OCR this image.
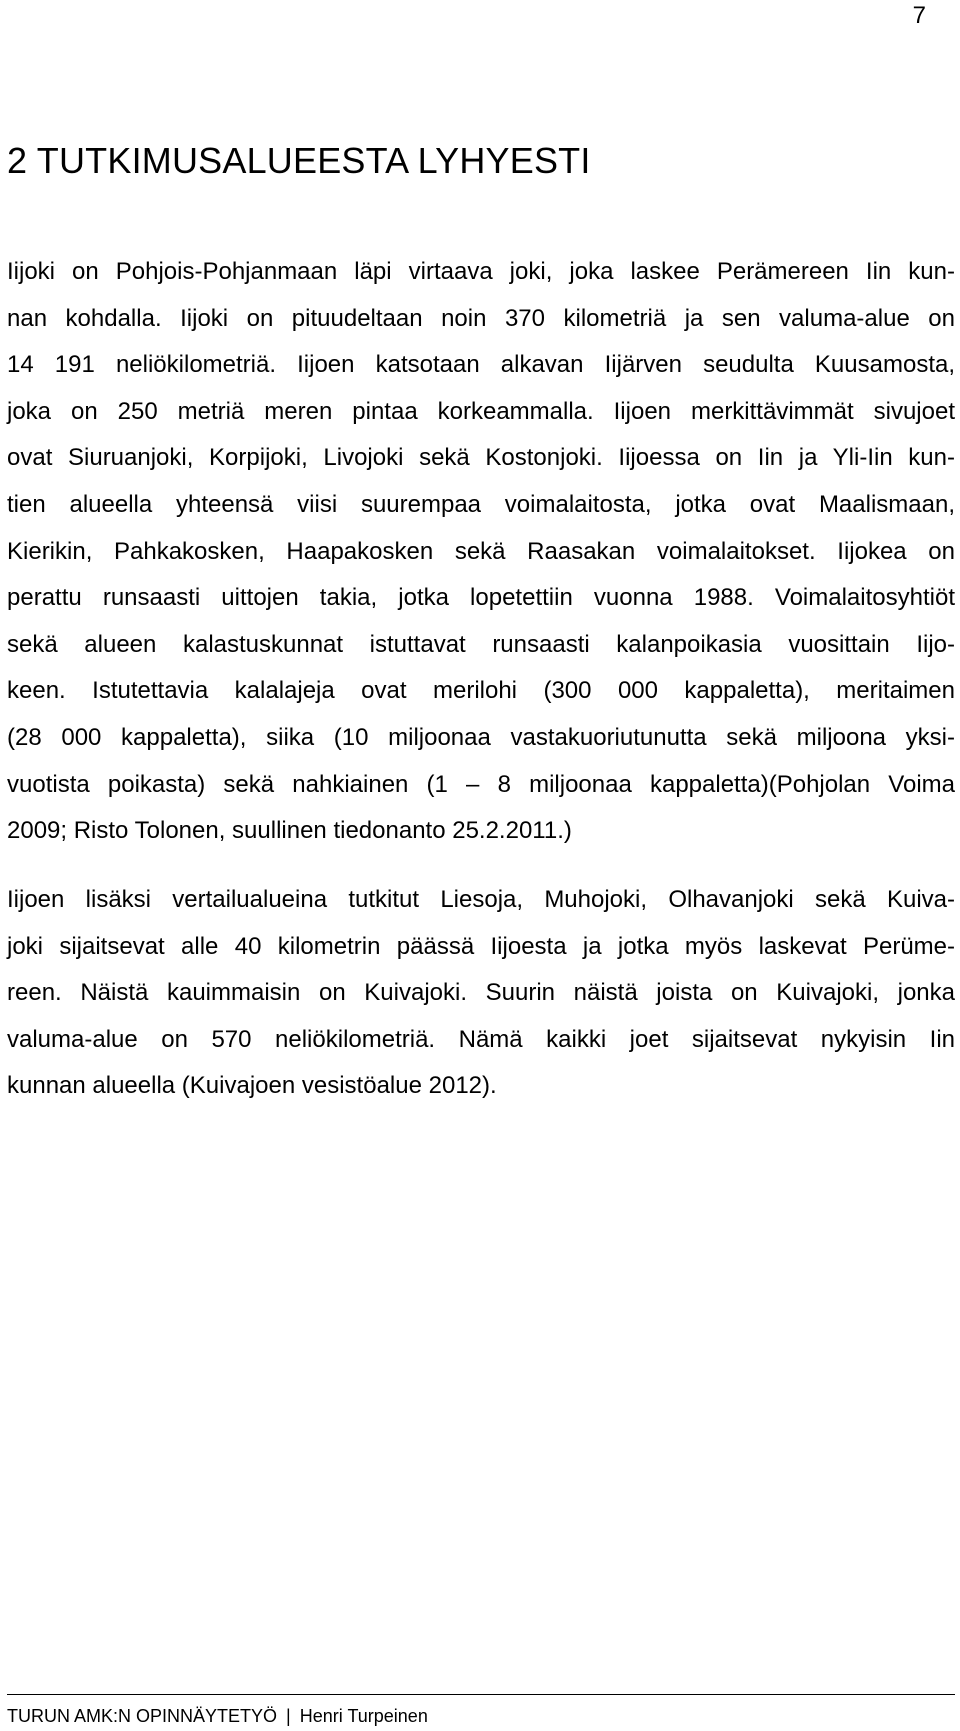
7
2 TUTKIMUSALUEESTA LYHYESTI

Iijoki on Pohjois-Pohjanmaan läpi virtaava joki, joka laskee Perämereen Iin kun-
nan kohdalla. Iijoki on pituudeltaan noin 370 kilometriä ja sen valuma-alue on
14 191 neliökilometriä. Iijoen katsotaan alkavan Iijärven seudulta Kuusamosta,
joka on 250 metriä meren pintaa korkeammalla. Iijoen merkittävimmät sivujoet
ovat Siuruanjoki, Korpijoki, Livojoki sekä Kostonjoki. Iijoessa on Iin ja Yli-Iin kun-
tien alueella yhteensä viisi suurempaa voimalaitosta, jotka ovat Maalismaan,
Kierikin, Pahkakosken, Haapakosken sekä Raasakan voimalaitokset. Iijokea on
perattu runsaasti uittojen takia, jotka lopetettiin vuonna 1988. Voimalaitosyhtiöt
sekä alueen kalastuskunnat istuttavat runsaasti kalanpoikasia vuosittain Iijo-
keen. Istutettavia kalalajeja ovat merilohi (300 000 kappaletta), meritaimen
(28 000 kappaletta), siika (10 miljoonaa vastakuoriutunutta sekä miljoona yksi-
vuotista poikasta) sekä nahkiainen (1 – 8 miljoonaa kappaletta)(Pohjolan Voima
2009; Risto Tolonen, suullinen tiedonanto 25.2.2011.)

Iijoen lisäksi vertailualueina tutkitut Liesoja, Muhojoki, Olhavanjoki sekä Kuiva-
joki sijaitsevat alle 40 kilometrin päässä Iijoesta ja jotka myös laskevat Perüme-
reen. Näistä kauimmaisin on Kuivajoki. Suurin näistä joista on Kuivajoki, jonka
valuma-alue on 570 neliökilometriä. Nämä kaikki joet sijaitsevat nykyisin Iin
kunnan alueella (Kuivajoen vesistöalue 2012).

TURUN AMK:N OPINNÄYTETYÖ | Henri Turpeinen
